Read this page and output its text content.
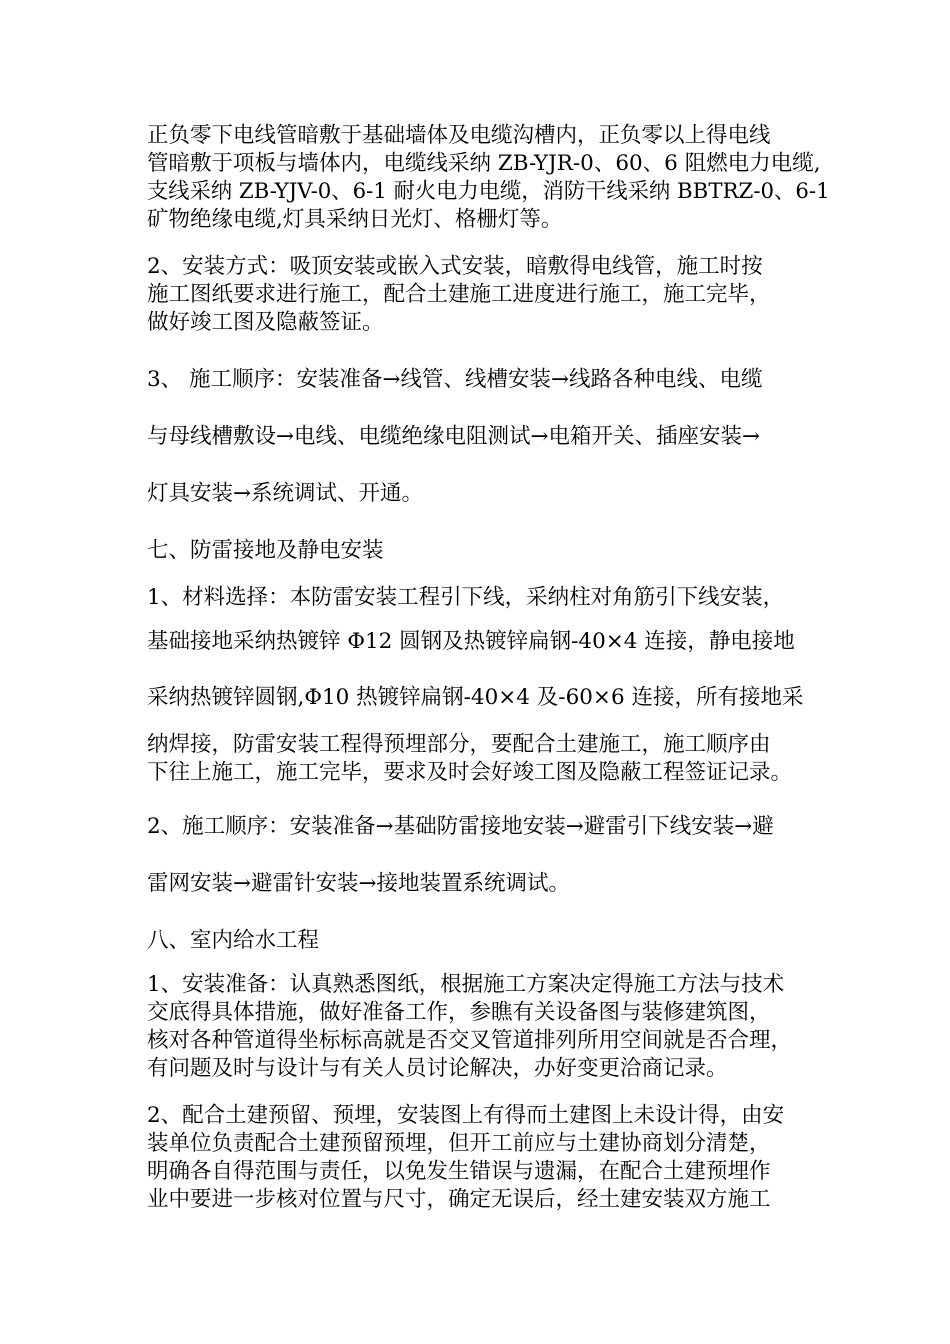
正负零下电线管暗敷于基础墙体及电缆沟槽内，正负零以上得电线
管暗敷于项板与墙体内，电缆线采纳 ZB-YJR-0、60、6 阻燃电力电缆,
支线采纳 ZB-YJV-0、6-1 耐火电力电缆，消防干线采纳 BBTRZ-0、6-1
矿物绝缘电缆,灯具采纳日光灯、格栅灯等。
2、安装方式：吸顶安装或嵌入式安装，暗敷得电线管，施工时按
施工图纸要求进行施工，配合土建施工进度进行施工，施工完毕，
做好竣工图及隐蔽签证。
3、 施工顺序：安装准备→线管、线槽安装→线路各种电线、电缆
与母线槽敷设→电线、电缆绝缘电阻测试→电箱开关、插座安装→
灯具安装→系统调试、开通。
七、防雷接地及静电安装
1、材料选择：本防雷安装工程引下线，采纳柱对角筋引下线安装，
基础接地采纳热镀锌 Φ12 圆钢及热镀锌扁钢-40×4 连接，静电接地
采纳热镀锌圆钢,Φ10 热镀锌扁钢-40×4 及-60×6 连接，所有接地采
纳焊接，防雷安装工程得预埋部分，要配合土建施工，施工顺序由
下往上施工，施工完毕，要求及时会好竣工图及隐蔽工程签证记录。
2、施工顺序：安装准备→基础防雷接地安装→避雷引下线安装→避
雷网安装→避雷针安装→接地装置系统调试。
八、室内给水工程
1、安装准备：认真熟悉图纸，根据施工方案决定得施工方法与技术
交底得具体措施，做好准备工作，参瞧有关设备图与装修建筑图，
核对各种管道得坐标标高就是否交叉管道排列所用空间就是否合理，
有问题及时与设计与有关人员讨论解决，办好变更洽商记录。
2、配合土建预留、预埋，安装图上有得而土建图上未设计得，由安
装单位负责配合土建预留预埋，但开工前应与土建协商划分清楚，
明确各自得范围与责任，以免发生错误与遗漏，在配合土建预埋作
业中要进一步核对位置与尺寸，确定无误后，经土建安装双方施工
